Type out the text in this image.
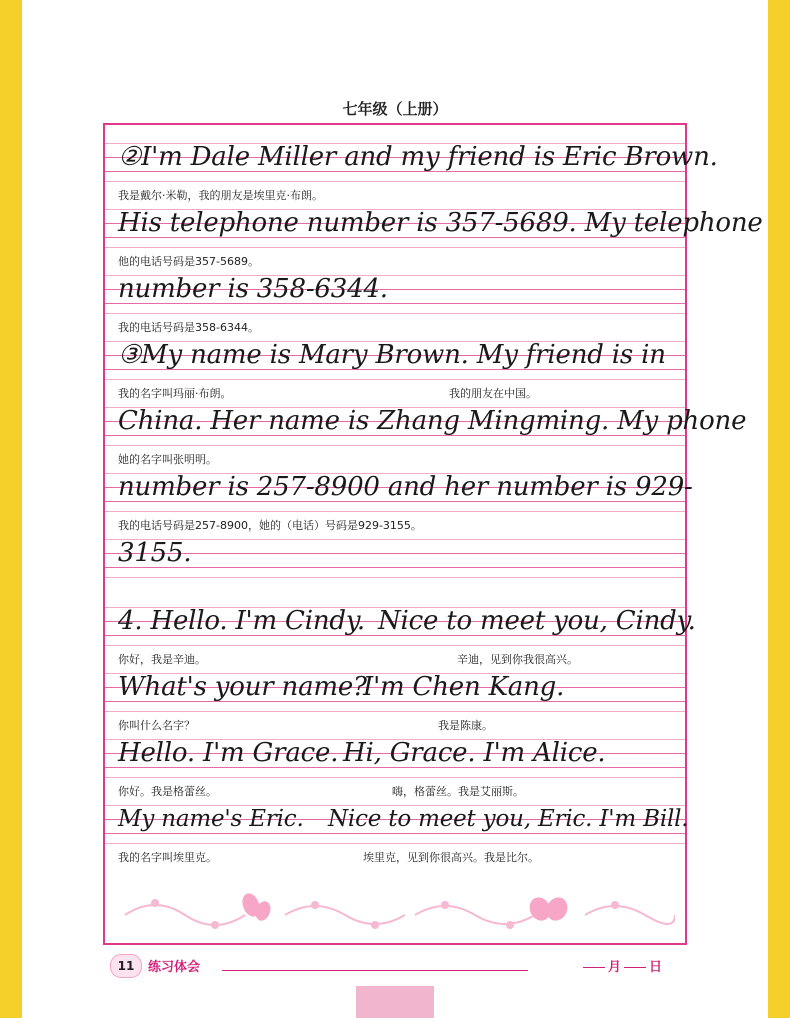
七年级（上册）
②I'm Dale Miller and my friend is Eric Brown.
我是戴尔·米勒，我的朋友是埃里克·布朗。
His telephone number is 357-5689. My telephone
他的电话号码是357-5689。
number is 358-6344.
我的电话号码是358-6344。
③My name is Mary Brown. My friend is in
我的名字叫玛丽·布朗。	我的朋友在中国。
China. Her name is Zhang Mingming. My phone
她的名字叫张明明。
number is 257-8900 and her number is 929-
我的电话号码是257-8900，她的（电话）号码是929-3155。
3155.
4. Hello. I'm Cindy. Nice to meet you, Cindy.
你好，我是辛迪。	辛迪，见到你我很高兴。
What's your name?
I'm Chen Kang.
你叫什么名字？	我是陈康。
Hello. I'm Grace. Hi, Grace. I'm Alice.
你好。我是格蕾丝。	嗨，格蕾丝。我是艾丽斯。
My name's Eric. Nice to meet you, Eric. I'm Bill.
我的名字叫埃里克。	埃里克，见到你很高兴。我是比尔。
11	练习体会	月 日
